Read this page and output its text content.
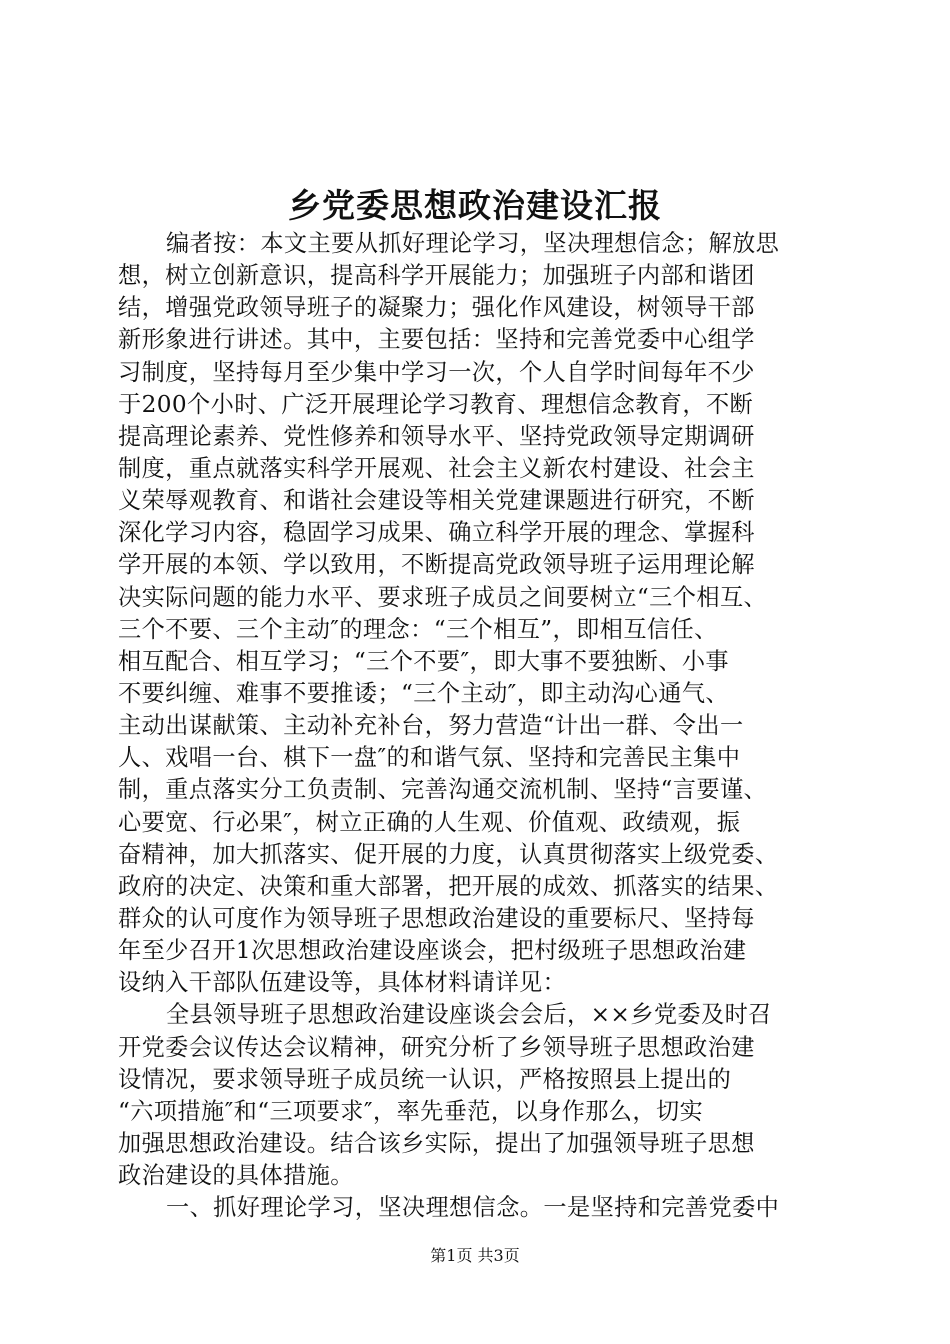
乡党委思想政治建设汇报
编者按：本文主要从抓好理论学习，坚决理想信念；解放思
想，树立创新意识，提高科学开展能力；加强班子内部和谐团
结，增强党政领导班子的凝聚力；强化作风建设，树领导干部
新形象进行讲述。其中，主要包括：坚持和完善党委中心组学
习制度，坚持每月至少集中学习一次，个人自学时间每年不少
于200个小时、广泛开展理论学习教育、理想信念教育，不断
提高理论素养、党性修养和领导水平、坚持党政领导定期调研
制度，重点就落实科学开展观、社会主义新农村建设、社会主
义荣辱观教育、和谐社会建设等相关党建课题进行研究，不断
深化学习内容，稳固学习成果、确立科学开展的理念、掌握科
学开展的本领、学以致用，不断提高党政领导班子运用理论解
决实际问题的能力水平、要求班子成员之间要树立“三个相互、
三个不要、三个主动″的理念：“三个相互”，即相互信任、
相互配合、相互学习；“三个不要″，即大事不要独断、小事
不要纠缠、难事不要推诿；“三个主动″，即主动沟心通气、
主动出谋献策、主动补充补台，努力营造“计出一群、令出一
人、戏唱一台、棋下一盘″的和谐气氛、坚持和完善民主集中
制，重点落实分工负责制、完善沟通交流机制、坚持“言要谨、
心要宽、行必果″，树立正确的人生观、价值观、政绩观，振
奋精神，加大抓落实、促开展的力度，认真贯彻落实上级党委、
政府的决定、决策和重大部署，把开展的成效、抓落实的结果、
群众的认可度作为领导班子思想政治建设的重要标尺、坚持每
年至少召开1次思想政治建设座谈会，把村级班子思想政治建
设纳入干部队伍建设等，具体材料请详见：
全县领导班子思想政治建设座谈会会后，××乡党委及时召
开党委会议传达会议精神，研究分析了乡领导班子思想政治建
设情况，要求领导班子成员统一认识，严格按照县上提出的
“六项措施″和“三项要求″，率先垂范，以身作那么，切实
加强思想政治建设。结合该乡实际，提出了加强领导班子思想
政治建设的具体措施。
一、抓好理论学习，坚决理想信念。一是坚持和完善党委中
第1页 共3页
